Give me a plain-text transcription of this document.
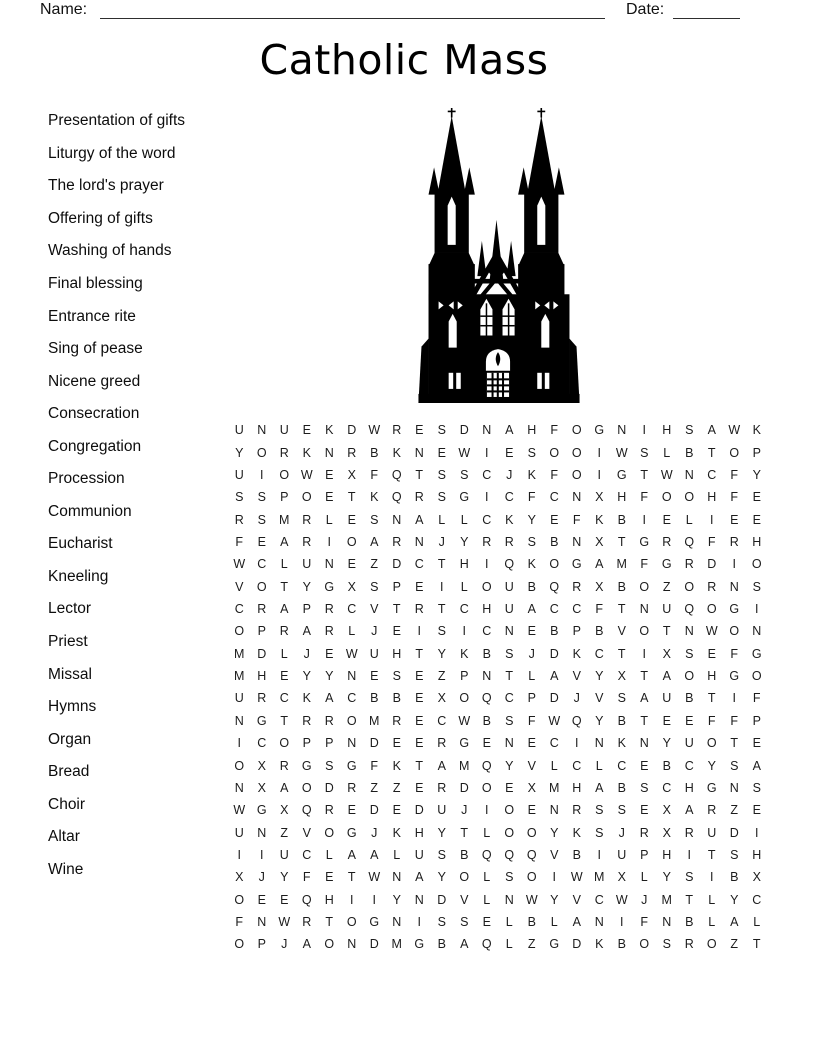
Name:	Date:
Catholic Mass
Presentation of gifts
Liturgy of the word
The lord's prayer
Offering of gifts
Washing of hands
Final blessing
Entrance rite
Sing of pease
Nicene greed
Consecration
Congregation
Procession
Communion
Eucharist
Kneeling
Lector
Priest
Missal
Hymns
Organ
Bread
Choir
Altar
Wine
U	N	U	E	K	D W R	E	S	D	N	A	H	F	O	G	N	I	H	S	A W K
Y	O	R	K	N	R	B	K	N	E W	I	E	S	O	O	I	W S	L	B	T	O	P
U	I	O W E	X	F	Q	T	S	S	C	J	K	F	O	I	G	T	W N	C	F	Y
S	S	P	O	E	T	K	Q	R	S	G	I	C	F	C	N	X	H	F	O	O	H	F	E
R	S	M	R	L	E	S	N	A	L	L	C	K	Y	E	F	K	B	I	E	L	I	E	E
F	E	A	R	I	O	A	R	N	J	Y	R	R	S	B	N	X	T	G	R	Q	F	R	H
W C	L	U	N	E	Z	D	C	T	H	I	Q	K	O	G	A	M	F	G	R	D	I	O
V	O	T	Y	G	X	S	P	E	I	L	O	U	B	Q	R	X	B	O	Z	O	R	N	S
C	R	A	P	R	C	V	T	R	T	C	H	U	A	C	C	F	T	N	U	Q	O	G	I
O	P	R	A	R	L	J	E	I	S	I	C	N	E	B	P	B	V	O	T	N W O	N
M	D	L	J	E W U	H	T	Y	K	B	S	J	D	K	C	T	I	X	S	E	F	G
M	H	E	Y	Y	N	E	S	E	Z	P	N	T	L	A	V	Y	X	T	A	O	H	G	O
U	R	C	K	A	C	B	B	E	X	O	Q	C	P	D	J	V	S	A	U	B	T	I	F
N	G	T	R	R	O M	R	E	C W B	S	F	W Q	Y	B	T	E	E	F	F	P
I	C	O	P	P	N	D	E	E	R	G	E	N	E	C	I	N	K	N	Y	U	O	T	E
O	X	R	G	S	G	F	K	T	A	M Q	Y	V	L	C	L	C	E	B	C	Y	S	A
N	X	A	O	D	R	Z	Z	E	R	D	O	E	X	M	H	A	B	S	C	H	G	N	S
W G	X	Q	R	E	D	E	D	U	J	I	O	E	N	R	S	S	E	X	A	R	Z	E
U	N	Z	V	O	G	J	K	H	Y	T	L	O	O	Y	K	S	J	R	X	R	U	D	I
I	I	U	C	L	A	A	L	U	S	B	Q	Q	Q	V	B	I	U	P	H	I	T	S	H
X	J	Y	F	E	T	W N	A	Y	O	L	S	O	I	W M	X	L	Y	S	I	B	X
O	E	E	Q	H	I	I	Y	N	D	V	L	N W Y	V	C W	J	M	T	L	Y	C
F	N W R	T	O	G	N	I	S	S	E	L	B	L	A	N	I	F	N	B	L	A	L
O	P	J	A	O	N	D	M G	B	A	Q	L	Z	G	D	K	B	O	S	R	O	Z	T
